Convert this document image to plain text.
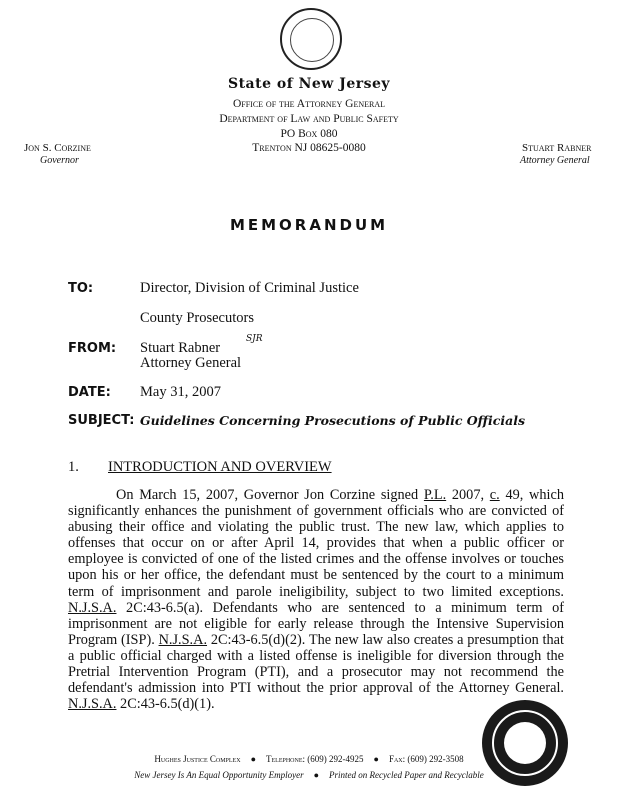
State of New Jersey
Office of the Attorney General
Department of Law and Public Safety
PO Box 080
Trenton NJ 08625-0080
Jon S. Corzine
Governor
Stuart Rabner
Attorney General
MEMORANDUM
TO:	Director, Division of Criminal Justice
County Prosecutors
FROM: Stuart Rabner
SJR
Attorney General
DATE: May 31, 2007
SUBJECT: Guidelines Concerning Prosecutions of Public Officials
1. INTRODUCTION AND OVERVIEW
On March 15, 2007, Governor Jon Corzine signed P.L. 2007, c. 49, which significantly enhances the punishment of government officials who are convicted of abusing their office and violating the public trust. The new law, which applies to offenses that occur on or after April 14, provides that when a public officer or employee is convicted of one of the listed crimes and the offense involves or touches upon his or her office, the defendant must be sentenced by the court to a minimum term of imprisonment and parole ineligibility, subject to two limited exceptions. N.J.S.A. 2C:43-6.5(a). Defendants who are sentenced to a minimum term of imprisonment are not eligible for early release through the Intensive Supervision Program (ISP). N.J.S.A. 2C:43-6.5(d)(2). The new law also creates a presumption that a public official charged with a listed offense is ineligible for diversion through the Pretrial Intervention Program (PTI), and a prosecutor may not recommend the defendant's admission into PTI without the prior approval of the Attorney General. N.J.S.A. 2C:43-6.5(d)(1).
Hughes Justice Complex ● Telephone: (609) 292-4925 ● Fax: (609) 292-3508
New Jersey Is An Equal Opportunity Employer ● Printed on Recycled Paper and Recyclable
